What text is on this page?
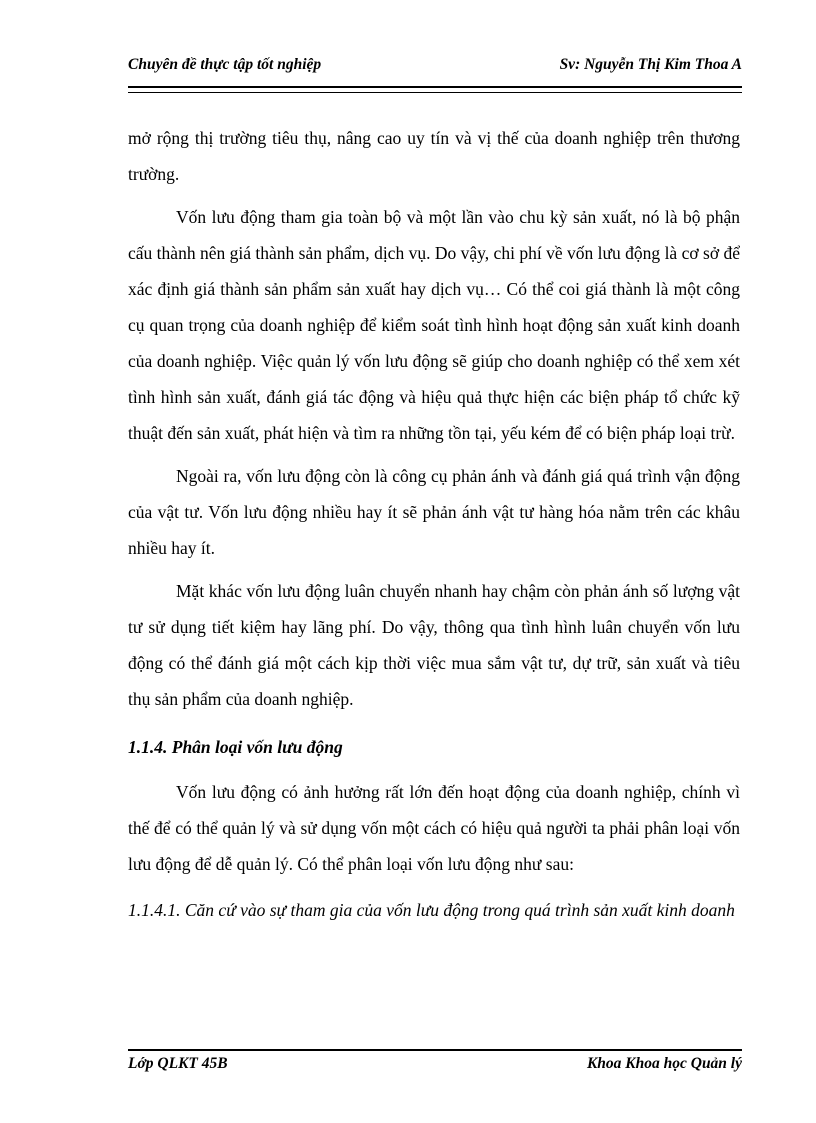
Chuyên đề thực tập tốt nghiệp	Sv: Nguyễn Thị Kim Thoa A

mở rộng thị trường tiêu thụ, nâng cao uy tín và vị thế của doanh nghiệp trên thương trường.

Vốn lưu động tham gia toàn bộ và một lần vào chu kỳ sản xuất, nó là bộ phận cấu thành nên giá thành sản phẩm, dịch vụ. Do vậy, chi phí về vốn lưu động là cơ sở để xác định giá thành sản phẩm sản xuất hay dịch vụ… Có thể coi giá thành là một công cụ quan trọng của doanh nghiệp để kiểm soát tình hình hoạt động sản xuất kinh doanh của doanh nghiệp. Việc quản lý vốn lưu động sẽ giúp cho doanh nghiệp có thể xem xét tình hình sản xuất, đánh giá tác động và hiệu quả thực hiện các biện pháp tổ chức kỹ thuật đến sản xuất, phát hiện và tìm ra những tồn tại, yếu kém để có biện pháp loại trừ.

Ngoài ra, vốn lưu động còn là công cụ phản ánh và đánh giá quá trình vận động của vật tư. Vốn lưu động nhiều hay ít sẽ phản ánh vật tư hàng hóa nằm trên các khâu nhiều hay ít.

Mặt khác vốn lưu động luân chuyển nhanh hay chậm còn phản ánh số lượng vật tư sử dụng tiết kiệm hay lãng phí. Do vậy, thông qua tình hình luân chuyển vốn lưu động có thể đánh giá một cách kịp thời việc mua sắm vật tư, dự trữ, sản xuất và tiêu thụ sản phẩm của doanh nghiệp.

1.1.4. Phân loại vốn lưu động

Vốn lưu động có ảnh hưởng rất lớn đến hoạt động của doanh nghiệp, chính vì thế để có thể quản lý và sử dụng vốn một cách có hiệu quả người ta phải phân loại vốn lưu động để dễ quản lý. Có thể phân loại vốn lưu động như sau:

1.1.4.1. Căn cứ vào sự tham gia của vốn lưu động trong quá trình sản xuất kinh doanh

Lớp QLKT 45B	Khoa Khoa học Quản lý
